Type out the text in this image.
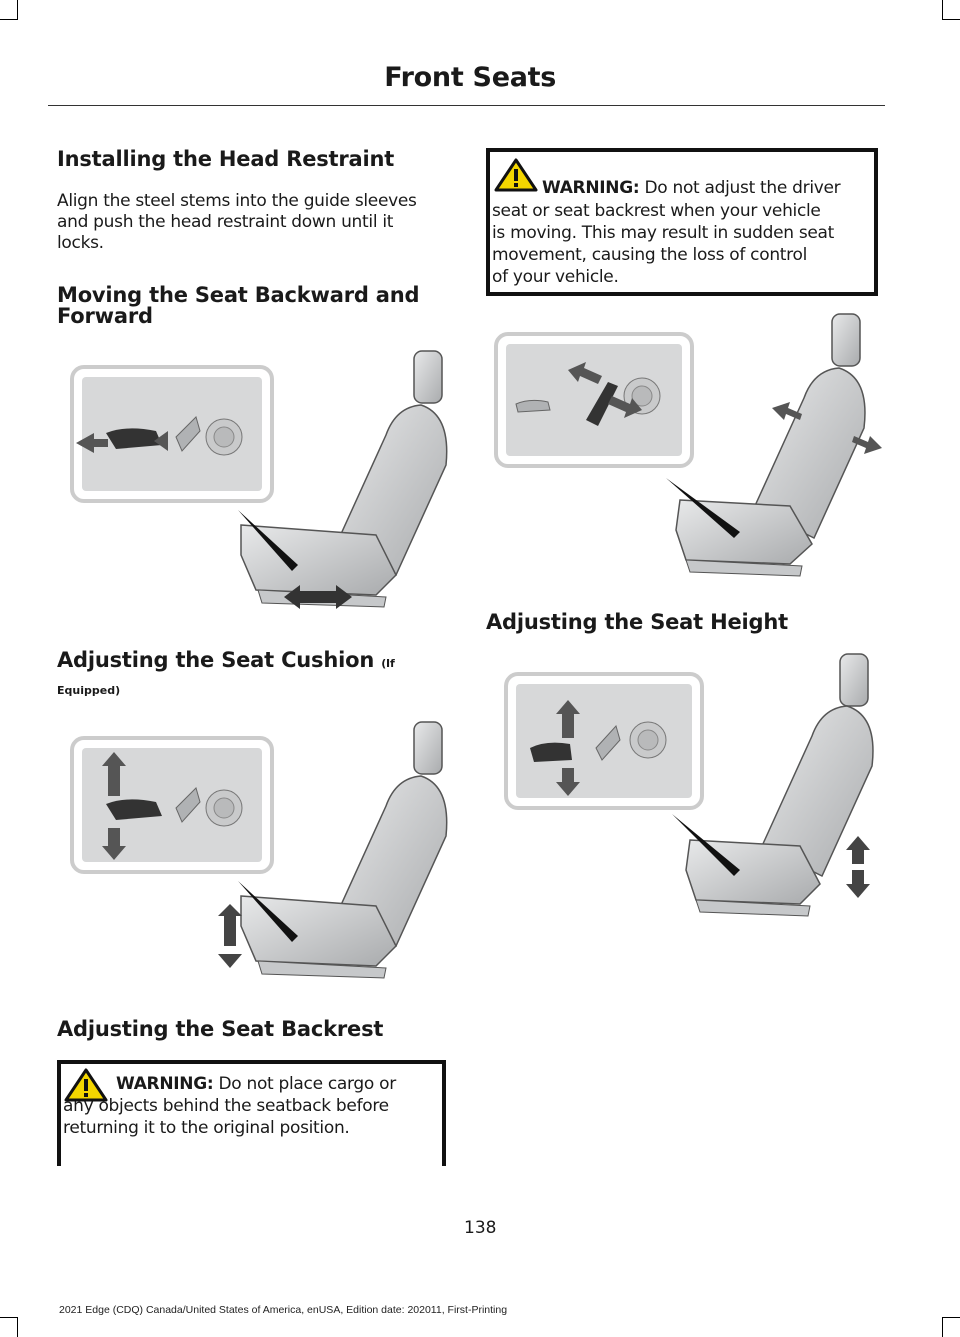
Front Seats
Installing the Head Restraint

Align the steel stems into the guide sleeves

and push the head restraint down until it

locks.

Moving the Seat Backward and
Forward
Adjusting the Seat Cushion (If
Equipped)
Adjusting the Seat Backrest
WARNING: Do not place cargo or
any objects behind the seatback before
returning it to the original position.
WARNING: Do not adjust the driver
seat or seat backrest when your vehicle
is moving. This may result in sudden seat
movement, causing the loss of control
of your vehicle.
Adjusting the Seat Height
138
2021 Edge (CDQ) Canada/United States of America, enUSA, Edition date: 202011, First-Printing
